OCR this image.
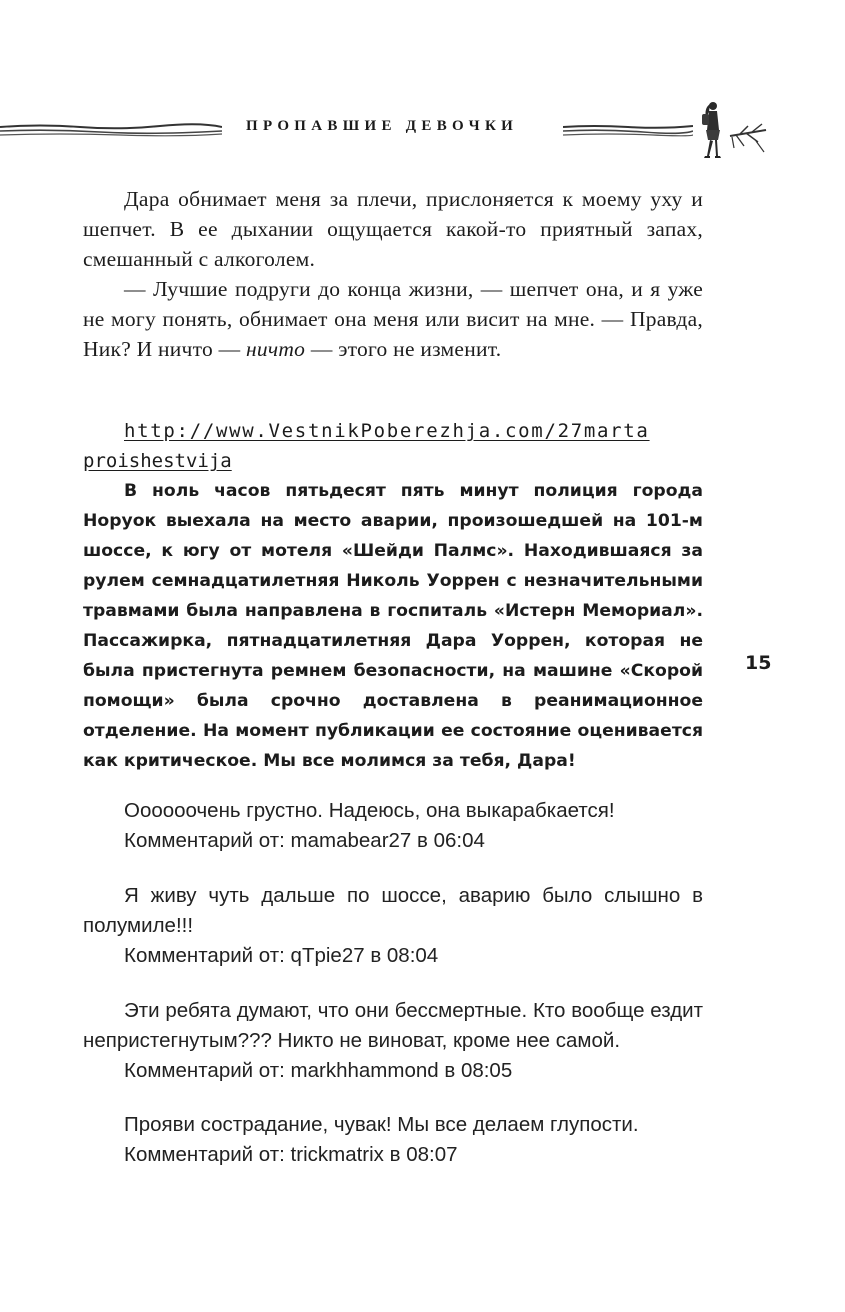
ПРОПАВШИЕ ДЕВОЧКИ

Дара обнимает меня за плечи, прислоняется к моему уху и шепчет. В ее дыхании ощущается какой-то приятный запах, смешанный с алкоголем.

— Лучшие подруги до конца жизни, — шепчет она, и я уже не могу понять, обнимает она меня или висит на мне. — Правда, Ник? И ничто — ничто — этого не изменит.

http://www.VestnikPoberezhja.com/27marta
proishestvija

В ноль часов пятьдесят пять минут полиция города Норуок выехала на место аварии, произошедшей на 101-м шоссе, к югу от мотеля «Шейди Палмс». Находившаяся за рулем семнадцатилетняя Николь Уоррен с незначительными травмами была направлена в госпиталь «Истерн Мемориал». Пассажирка, пятнадцатилетняя Дара Уоррен, которая не была пристегнута ремнем безопасности, на машине «Скорой помощи» была срочно доставлена в реанимационное отделение. На момент публикации ее состояние оценивается как критическое. Мы все молимся за тебя, Дара!

15

Оооооочень грустно. Надеюсь, она выкарабкается!

Комментарий от: mamabear27 в 06:04

Я живу чуть дальше по шоссе, аварию было слышно в полумиле!!!

Комментарий от: qTpie27 в 08:04

Эти ребята думают, что они бессмертные. Кто вообще ездит непристегнутым??? Никто не виноват, кроме нее самой.

Комментарий от: markhhammond в 08:05

Прояви сострадание, чувак! Мы все делаем глупости.

Комментарий от: trickmatrix в 08:07
